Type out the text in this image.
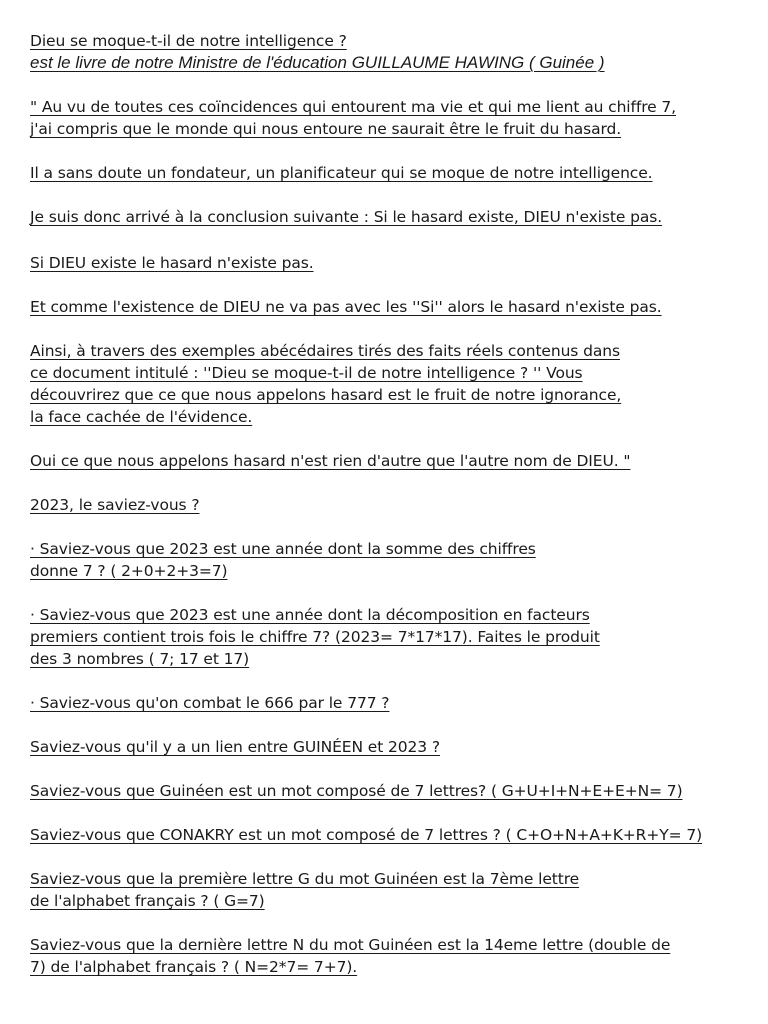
Dieu se moque-t-il de notre intelligence ?
est le livre de notre Ministre de l'éducation GUILLAUME HAWING ( Guinée )
" Au vu de toutes ces coïncidences qui entourent ma vie et qui me lient au chiffre 7,
j'ai compris que le monde qui nous entoure ne saurait être le fruit du hasard.
Il a sans doute un fondateur, un planificateur qui se moque de notre intelligence.
Je suis donc arrivé à la conclusion suivante : Si le hasard existe, DIEU n'existe pas.
Si DIEU existe le hasard n'existe pas.
Et comme l'existence de DIEU ne va pas avec les ''Si'' alors le hasard n'existe pas.
Ainsi, à travers des exemples abécédaires tirés des faits réels contenus dans
ce document intitulé : ''Dieu se moque-t-il de notre intelligence ? '' Vous
découvrirez que ce que nous appelons hasard est le fruit de notre ignorance,
la face cachée de l'évidence.
Oui ce que nous appelons hasard n'est rien d'autre que l'autre nom de DIEU. "
2023, le saviez-vous ?
· Saviez-vous que 2023 est une année dont la somme des chiffres
donne 7 ? ( 2+0+2+3=7)
· Saviez-vous que 2023 est une année dont la décomposition en facteurs
premiers contient trois fois le chiffre 7? (2023= 7*17*17). Faites le produit
des 3 nombres ( 7; 17 et 17)
· Saviez-vous qu'on combat le 666 par le 777 ?
Saviez-vous qu'il y a un lien entre GUINÉEN et 2023 ?
Saviez-vous que Guinéen est un mot composé de 7 lettres? ( G+U+I+N+E+E+N= 7)
Saviez-vous que CONAKRY est un mot composé de 7 lettres ? ( C+O+N+A+K+R+Y= 7)
Saviez-vous que la première lettre G du mot Guinéen est la 7ème lettre
de l'alphabet français ? ( G=7)
Saviez-vous que la dernière lettre N du mot Guinéen est la 14eme lettre (double de
7) de l'alphabet français ? ( N=2*7= 7+7).
